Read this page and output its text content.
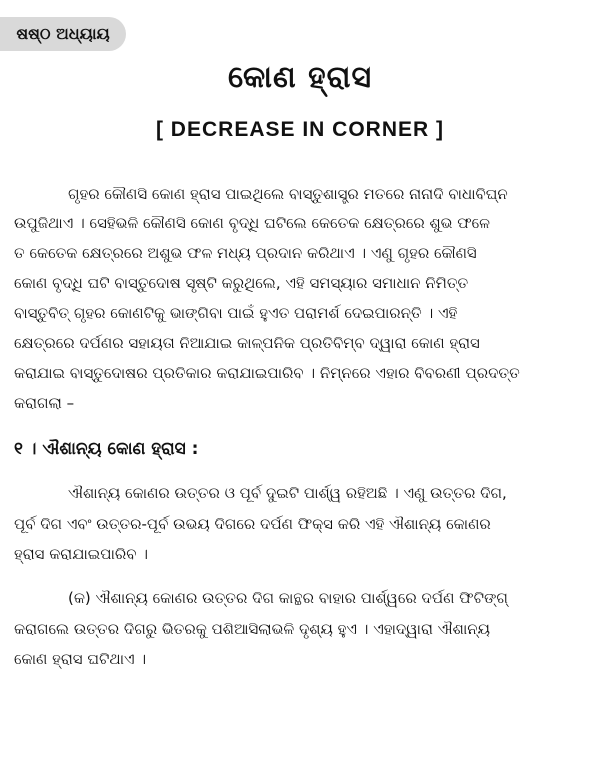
ଷଷ୍ଠ ଅଧ୍ୟାୟ
କୋଣ ହ୍ରାସ
[ DECREASE IN CORNER ]
ଗୃହର କୌଣସି କୋଣ ହ୍ରାସ ପାଇଥିଲେ ବାସ୍ତୁଶାସ୍ତ୍ର ମତରେ ନାନାଦି ବାଧାବିଘ୍ନ
ଉପୁଜିଥାଏ । ସେହିଭଳି କୌଣସି କୋଣ ବୃଦ୍ଧି ଘଟିଲେ କେତେକ କ୍ଷେତ୍ରରେ ଶୁଭ ଫଳେ
ତ କେତେକ କ୍ଷେତ୍ରରେ ଅଶୁଭ ଫଳ ମଧ୍ୟ ପ୍ରଦାନ କରିଥାଏ । ଏଣୁ ଗୃହର କୌଣସି
କୋଣ ବୃଦ୍ଧି ଘଟି ବାସ୍ତୁଦୋଷ ସୃଷ୍ଟି କରୁଥିଲେ, ଏହି ସମସ୍ୟାର ସମାଧାନ ନିମିତ୍ତ
ବାସ୍ତୁବିତ୍ ଗୃହର କୋଣଟିକୁ ଭାଙ୍ଗିବା ପାଇଁ ହୁଏତ ପରାମର୍ଶ ଦେଇପାରନ୍ତି । ଏହି
କ୍ଷେତ୍ରରେ ଦର୍ପଣର ସହାୟତା ନିଆଯାଇ କାଳ୍ପନିକ ପ୍ରତିବିମ୍ବ ଦ୍ୱାରା କୋଣ ହ୍ରାସ
କରାଯାଇ ବାସ୍ତୁଦୋଷର ପ୍ରତିକାର କରାଯାଇପାରିବ । ନିମ୍ନରେ ଏହାର ବିବରଣୀ ପ୍ରଦତ୍ତ
କରାଗଲା –
୧ । ଐଶାନ୍ୟ କୋଣ ହ୍ରାସ :
ଐଶାନ୍ୟ କୋଣର ଉତ୍ତର ଓ ପୂର୍ବ ଦୁଇଟି ପାର୍ଶ୍ୱ ରହିଅଛି । ଏଣୁ ଉତ୍ତର ଦିଗ,
ପୂର୍ବ ଦିଗ ଏବଂ ଉତ୍ତର-ପୂର୍ବ ଉଭୟ ଦିଗରେ ଦର୍ପଣ ଫିକ୍ସ କରି ଏହି ଐଶାନ୍ୟ କୋଣର
ହ୍ରାସ କରାଯାଇପାରିବ ।
(କ) ଐଶାନ୍ୟ କୋଣର ଉତ୍ତର ଦିଗ କାନ୍ଥର ବାହାର ପାର୍ଶ୍ୱରେ ଦର୍ପଣ ଫିଟିଙ୍ଗ୍
କରାଗଲେ ଉତ୍ତର ଦିଗରୁ ଭିତରକୁ ପଶିଆସିଲାଭଳି ଦୃଶ୍ୟ ହୁଏ । ଏହାଦ୍ୱାରା ଐଶାନ୍ୟ
କୋଣ ହ୍ରାସ ଘଟିଥାଏ ।
